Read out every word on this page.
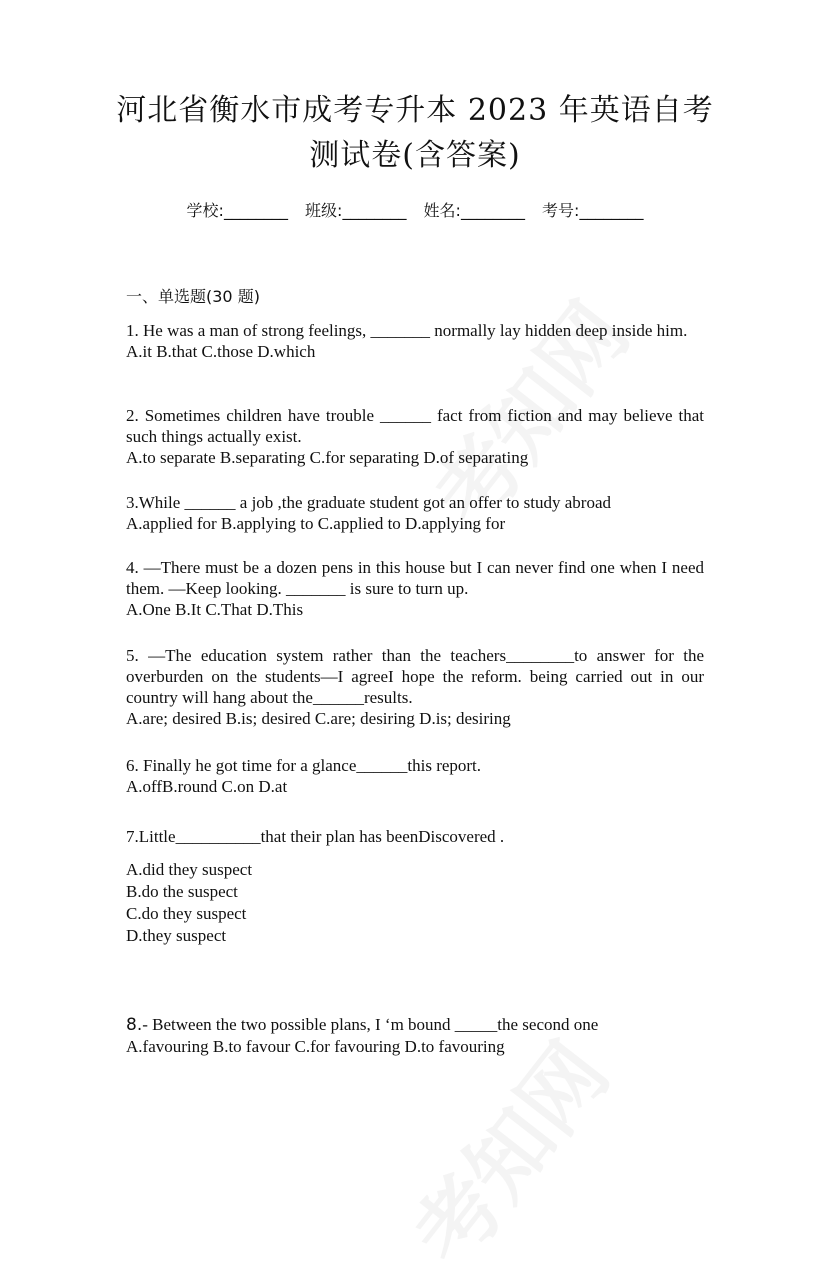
河北省衡水市成考专升本 2023 年英语自考
测试卷(含答案)
学校:________ 班级:________ 姓名:________ 考号:________
一、单选题(30 题)

1. He was a man of strong feelings, _______ normally lay hidden deep inside him.

A.it B.that C.those D.which

2. Sometimes children have trouble ______ fact from fiction and may believe that such things actually exist.

A.to separate B.separating C.for separating D.of separating

3.While ______ a job ,the graduate student got an offer to study abroad

A.applied for B.applying to C.applied to D.applying for

4. —There must be a dozen pens in this house but I can never find one when I need them. —Keep looking. _______ is sure to turn up.

A.One B.It C.That D.This

5. —The education system rather than the teachers________to answer for the overburden on the students—I agreeI hope the reform. being carried out in our country will hang about the______results.

A.are; desired B.is; desired C.are; desiring D.is; desiring

6. Finally he got time for a glance______this report.

A.offB.round C.on D.at

7.Little__________that their plan has beenDiscovered .

A.did they suspect

B.do the suspect

C.do they suspect

D.they suspect

8.- Between the two possible plans, I ‘m bound _____the second one

A.favouring B.to favour C.for favouring D.to favouring
